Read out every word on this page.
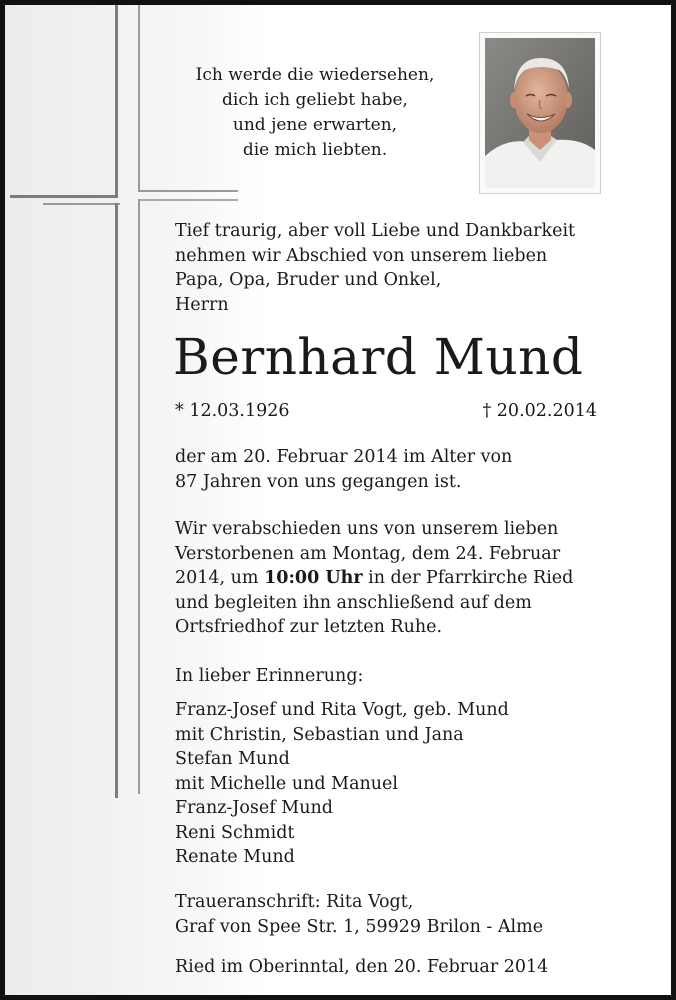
Ich werde die wiedersehen,
dich ich geliebt habe,
und jene erwarten,
die mich liebten.
Tief traurig, aber voll Liebe und Dankbarkeit
nehmen wir Abschied von unserem lieben
Papa, Opa, Bruder und Onkel,
Herrn
Bernhard Mund
* 12.03.1926	† 20.02.2014
der am 20. Februar 2014 im Alter von
87 Jahren von uns gegangen ist.
Wir verabschieden uns von unserem lieben
Verstorbenen am Montag, dem 24. Februar
2014, um 10:00 Uhr in der Pfarrkirche Ried
und begleiten ihn anschließend auf dem
Ortsfriedhof zur letzten Ruhe.
In lieber Erinnerung:
Franz-Josef und Rita Vogt, geb. Mund
mit Christin, Sebastian und Jana
Stefan Mund
mit Michelle und Manuel
Franz-Josef Mund
Reni Schmidt
Renate Mund
Traueranschrift: Rita Vogt,
Graf von Spee Str. 1, 59929 Brilon - Alme
Ried im Oberinntal, den 20. Februar 2014
